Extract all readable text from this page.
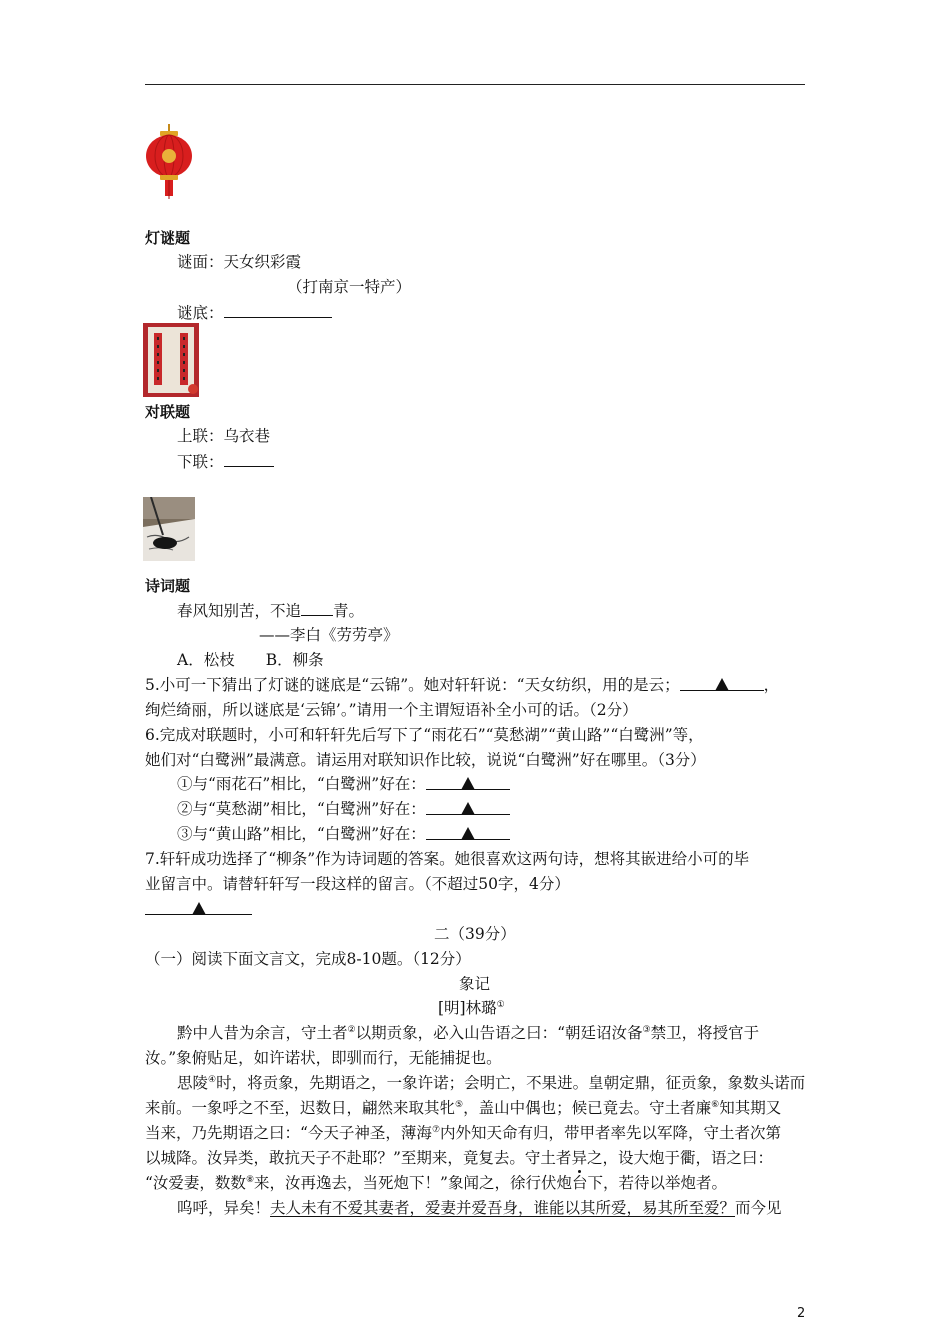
灯谜题
谜面：天女织彩霞
（打南京一特产）
谜底：
对联题
上联：乌衣巷
下联：
诗词题
春风知别苦，不追 青。
——李白《劳劳亭》
A．松枝　　B．柳条
5.小可一下猜出了灯谜的谜底是“云锦”。她对轩轩说：“天女纺织，用的是云；	，
绚烂绮丽，所以谜底是‘云锦’。”请用一个主谓短语补全小可的话。（2分）
6.完成对联题时，小可和轩轩先后写下了“雨花石”“莫愁湖”“黄山路”“白鹭洲”等，
她们对“白鹭洲”最满意。请运用对联知识作比较，说说“白鹭洲”好在哪里。（3分）
①与“雨花石”相比，“白鹭洲”好在：
②与“莫愁湖”相比，“白鹭洲”好在：
③与“黄山路”相比，“白鹭洲”好在：
7.轩轩成功选择了“柳条”作为诗词题的答案。她很喜欢这两句诗，想将其嵌进给小可的毕
业留言中。请替轩轩写一段这样的留言。（不超过50字，4分）
二（39分）
（一）阅读下面文言文，完成8-10题。（12分）
象记
[明]林璐①
黔中人昔为余言，守土者②以期贡象，必入山告语之曰：“朝廷诏汝备③禁卫，将授官于
汝。”象俯贴足，如许诺状，即驯而行，无能捕捉也。
思陵④时，将贡象，先期语之，一象许诺；会明亡，不果进。皇朝定鼎，征贡象，象数头诺而
来前。一象呼之不至，迟数日，翩然来取其牝⑤，盖山中偶也；候已竟去。守土者廉⑥知其期又
当来，乃先期语之曰：“今天子神圣，薄海⑦内外知天命有归，带甲者率先以军降，守土者次第
以城降。汝异类，敢抗天子不赴耶？”至期来，竟复去。守土者异之，设大炮于衢，语之曰：
“汝爱妻，数数⑧来，汝再逸去，当死炮下！”象闻之，徐行伏炮台下，若待以举炮者。
呜呼，异矣！夫人未有不爱其妻者，爱妻并爱吾身，谁能以其所爱，易其所至爱？而今见
2
